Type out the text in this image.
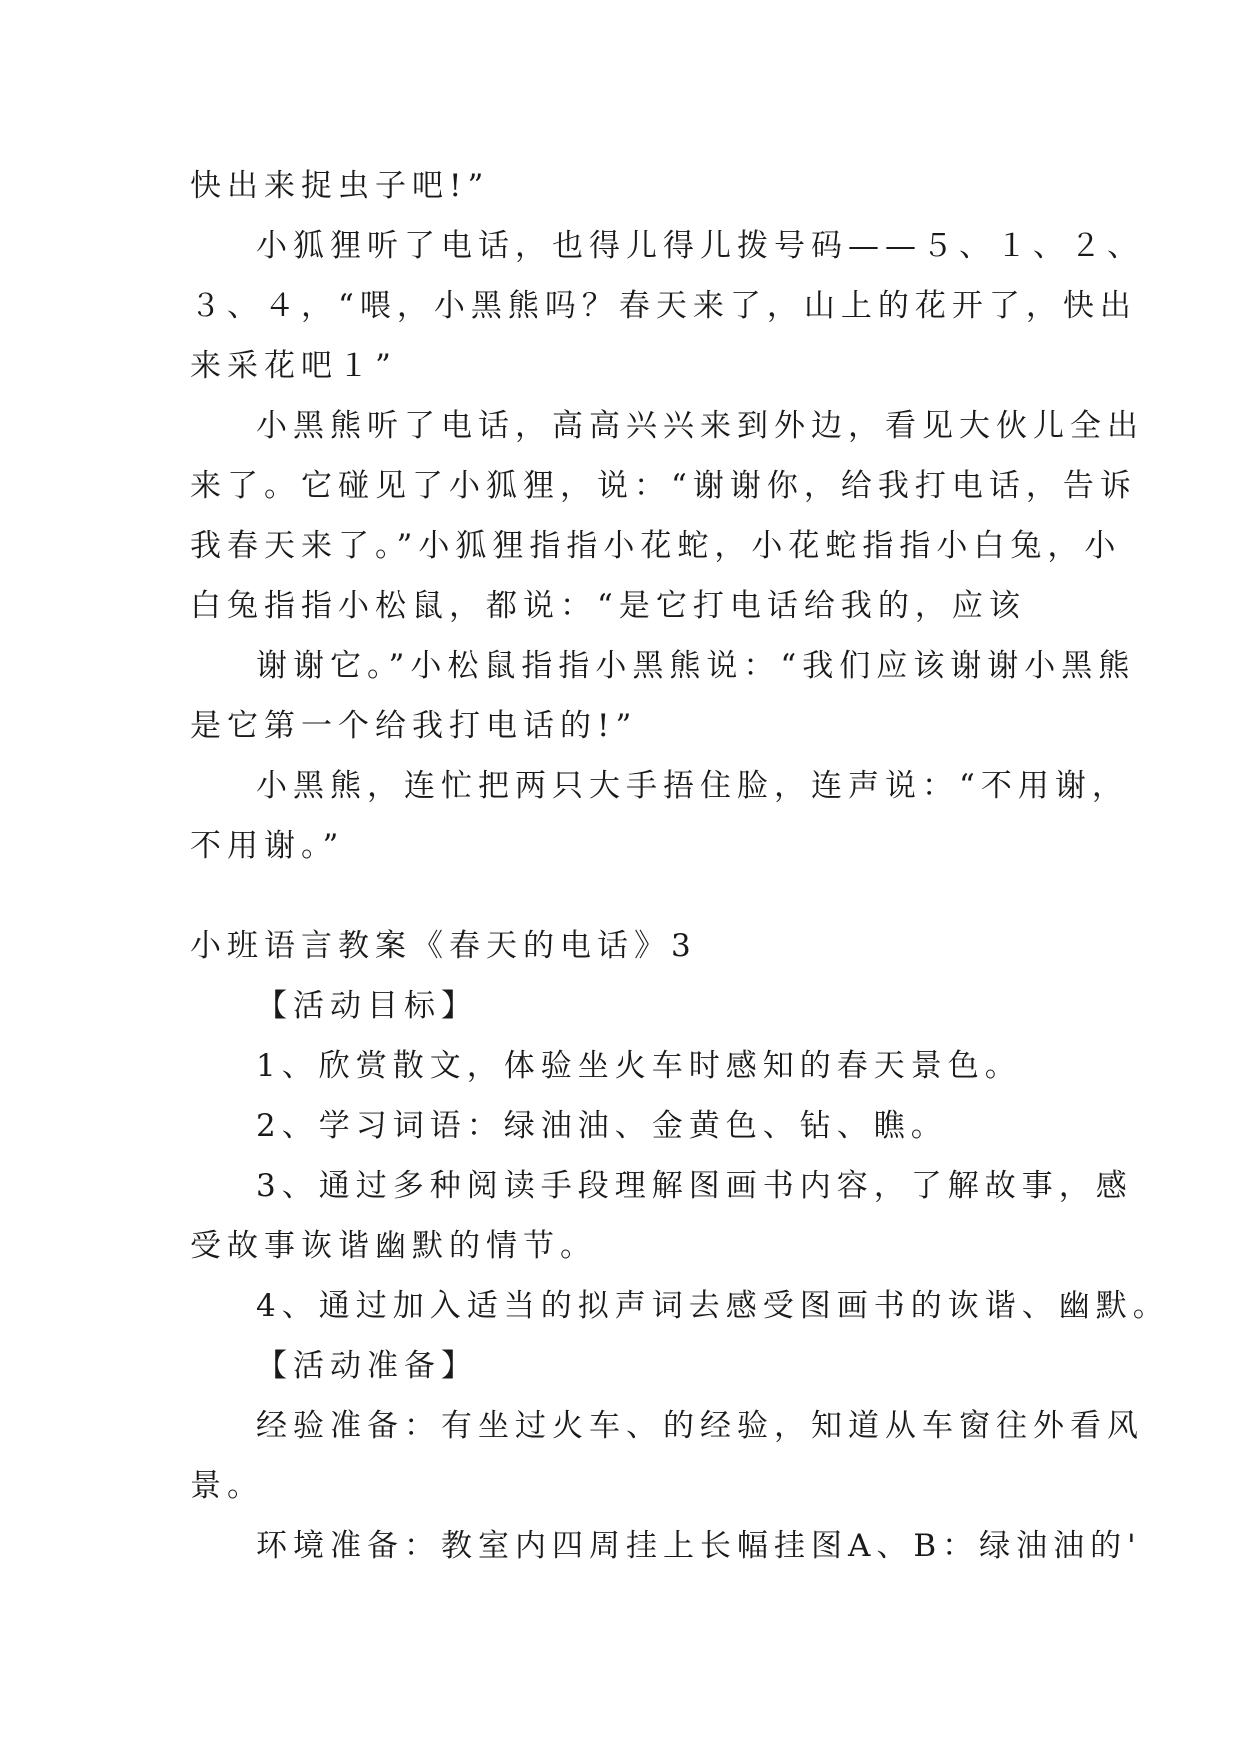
快出来捉虫子吧!”
小狐狸听了电话，也得儿得儿拨号码——５、１、２、
３、４，“喂，小黑熊吗？春天来了，山上的花开了，快出
来采花吧１”
小黑熊听了电话，高高兴兴来到外边，看见大伙儿全出
来了。它碰见了小狐狸，说：“谢谢你，给我打电话，告诉
我春天来了。”小狐狸指指小花蛇，小花蛇指指小白兔，小
白兔指指小松鼠，都说：“是它打电话给我的，应该
谢谢它。”小松鼠指指小黑熊说：“我们应该谢谢小黑熊
是它第一个给我打电话的!”
小黑熊，连忙把两只大手捂住脸，连声说：“不用谢，
不用谢。”
小班语言教案《春天的电话》3
【活动目标】
1、欣赏散文，体验坐火车时感知的春天景色。
2、学习词语：绿油油、金黄色、钻、瞧。
3、通过多种阅读手段理解图画书内容，了解故事，感
受故事诙谐幽默的情节。
4、通过加入适当的拟声词去感受图画书的诙谐、幽默。
【活动准备】
经验准备：有坐过火车、的经验，知道从车窗往外看风
景。
环境准备：教室内四周挂上长幅挂图A、B：绿油油的'
